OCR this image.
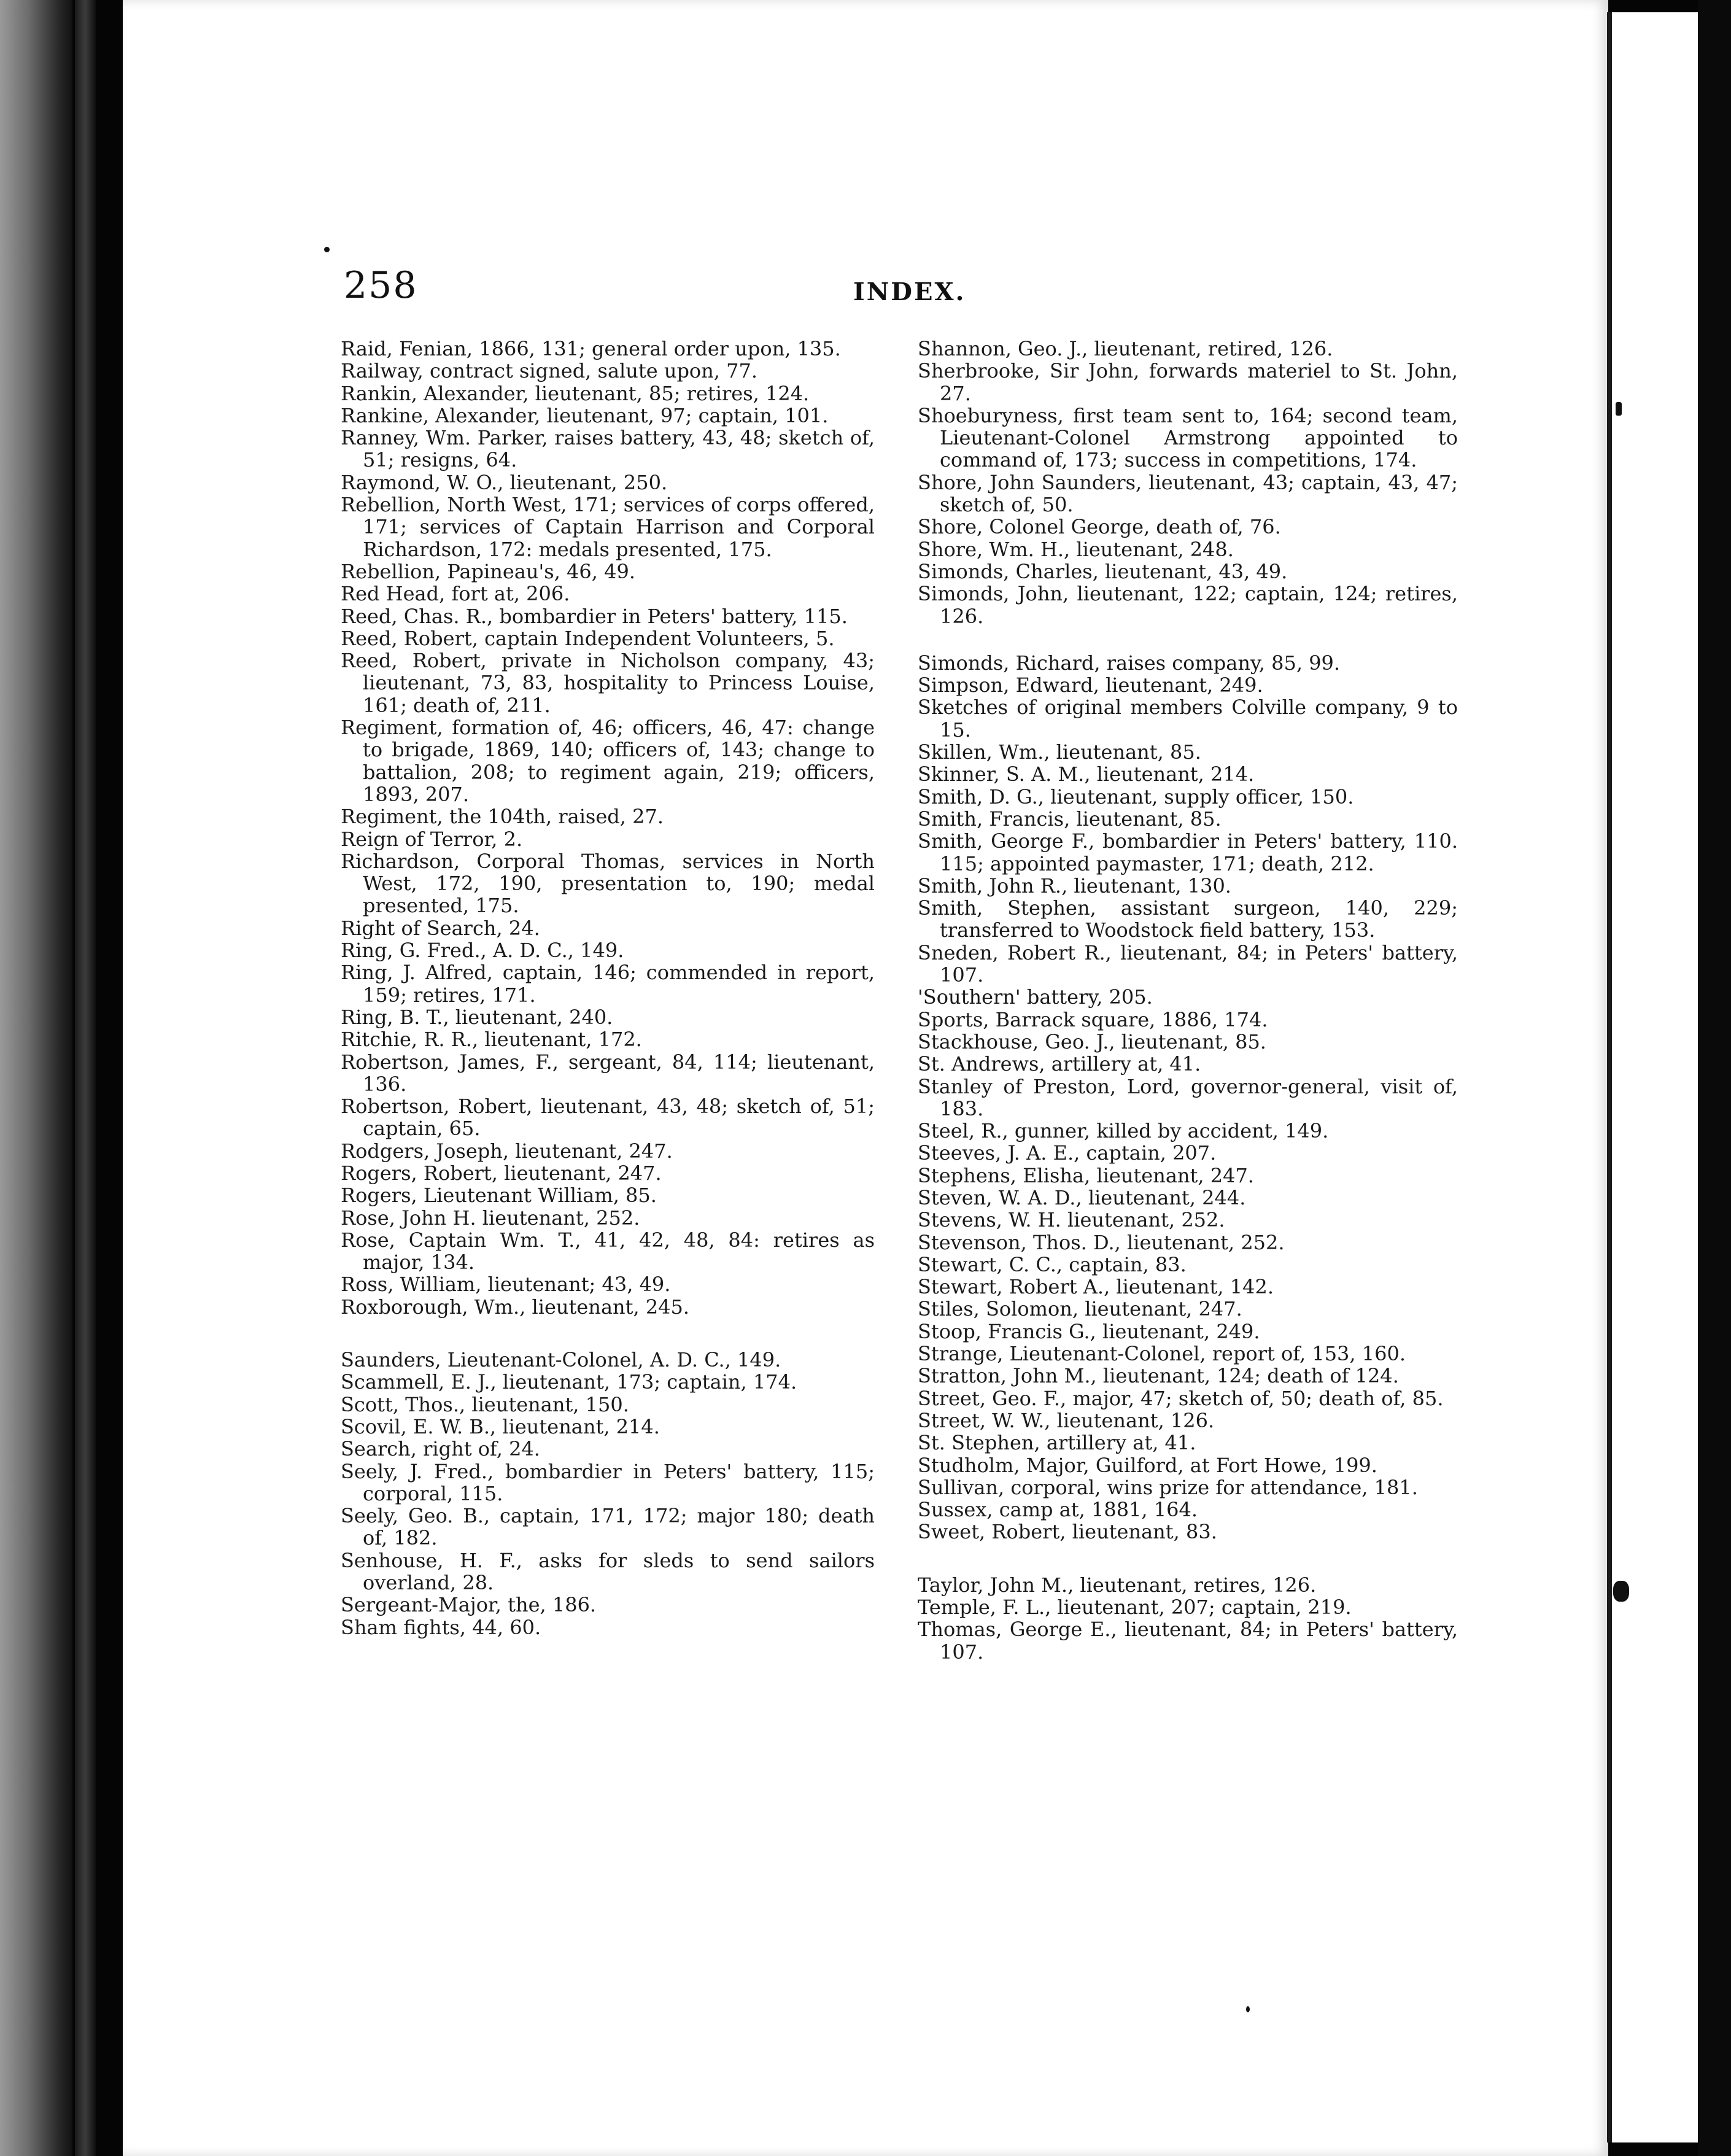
258	INDEX.

Raid, Fenian, 1866, 131; general order upon, 135.

Railway, contract signed, salute upon, 77.

Rankin, Alexander, lieutenant, 85; retires, 124.

Rankine, Alexander, lieutenant, 97; captain, 101.

Ranney, Wm. Parker, raises battery, 43, 48; sketch of, 51; resigns, 64.

Raymond, W. O., lieutenant, 250.

Rebellion, North West, 171; services of corps offered, 171; services of Captain Harrison and Corporal Richardson, 172: medals presented, 175.

Rebellion, Papineau's, 46, 49.

Red Head, fort at, 206.

Reed, Chas. R., bombardier in Peters' battery, 115.

Reed, Robert, captain Independent Volunteers, 5.

Reed, Robert, private in Nicholson company, 43; lieutenant, 73, 83, hospitality to Princess Louise, 161; death of, 211.

Regiment, formation of, 46; officers, 46, 47: change to brigade, 1869, 140; officers of, 143; change to battalion, 208; to regiment again, 219; officers, 1893, 207.

Regiment, the 104th, raised, 27.

Reign of Terror, 2.

Richardson, Corporal Thomas, services in North West, 172, 190, presentation to, 190; medal presented, 175.

Right of Search, 24.

Ring, G. Fred., A. D. C., 149.

Ring, J. Alfred, captain, 146; commended in report, 159; retires, 171.

Ring, B. T., lieutenant, 240.

Ritchie, R. R., lieutenant, 172.

Robertson, James, F., sergeant, 84, 114; lieutenant, 136.

Robertson, Robert, lieutenant, 43, 48; sketch of, 51; captain, 65.

Rodgers, Joseph, lieutenant, 247.

Rogers, Robert, lieutenant, 247.

Rogers, Lieutenant William, 85.

Rose, John H. lieutenant, 252.

Rose, Captain Wm. T., 41, 42, 48, 84: retires as major, 134.

Ross, William, lieutenant; 43, 49.

Roxborough, Wm., lieutenant, 245.

Saunders, Lieutenant-Colonel, A. D. C., 149.

Scammell, E. J., lieutenant, 173; captain, 174.

Scott, Thos., lieutenant, 150.

Scovil, E. W. B., lieutenant, 214.

Search, right of, 24.

Seely, J. Fred., bombardier in Peters' battery, 115; corporal, 115.

Seely, Geo. B., captain, 171, 172; major 180; death of, 182.

Senhouse, H. F., asks for sleds to send sailors overland, 28.

Sergeant-Major, the, 186.

Sham fights, 44, 60.

Shannon, Geo. J., lieutenant, retired, 126.

Sherbrooke, Sir John, forwards materiel to St. John, 27.

Shoeburyness, first team sent to, 164; second team, Lieutenant-Colonel Armstrong appointed to command of, 173; success in competitions, 174.

Shore, John Saunders, lieutenant, 43; captain, 43, 47; sketch of, 50.

Shore, Colonel George, death of, 76.

Shore, Wm. H., lieutenant, 248.

Simonds, Charles, lieutenant, 43, 49.

Simonds, John, lieutenant, 122; captain, 124; retires, 126.

Simonds, Richard, raises company, 85, 99.

Simpson, Edward, lieutenant, 249.

Sketches of original members Colville company, 9 to 15.

Skillen, Wm., lieutenant, 85.

Skinner, S. A. M., lieutenant, 214.

Smith, D. G., lieutenant, supply officer, 150.

Smith, Francis, lieutenant, 85.

Smith, George F., bombardier in Peters' battery, 110. 115; appointed paymaster, 171; death, 212.

Smith, John R., lieutenant, 130.

Smith, Stephen, assistant surgeon, 140, 229; transferred to Woodstock field battery, 153.

Sneden, Robert R., lieutenant, 84; in Peters' battery, 107.

'Southern' battery, 205.

Sports, Barrack square, 1886, 174.

Stackhouse, Geo. J., lieutenant, 85.

St. Andrews, artillery at, 41.

Stanley of Preston, Lord, governor-general, visit of, 183.

Steel, R., gunner, killed by accident, 149.

Steeves, J. A. E., captain, 207.

Stephens, Elisha, lieutenant, 247.

Steven, W. A. D., lieutenant, 244.

Stevens, W. H. lieutenant, 252.

Stevenson, Thos. D., lieutenant, 252.

Stewart, C. C., captain, 83.

Stewart, Robert A., lieutenant, 142.

Stiles, Solomon, lieutenant, 247.

Stoop, Francis G., lieutenant, 249.

Strange, Lieutenant-Colonel, report of, 153, 160.

Stratton, John M., lieutenant, 124; death of 124.

Street, Geo. F., major, 47; sketch of, 50; death of, 85.

Street, W. W., lieutenant, 126.

St. Stephen, artillery at, 41.

Studholm, Major, Guilford, at Fort Howe, 199.

Sullivan, corporal, wins prize for attendance, 181.

Sussex, camp at, 1881, 164.

Sweet, Robert, lieutenant, 83.

Taylor, John M., lieutenant, retires, 126.

Temple, F. L., lieutenant, 207; captain, 219.

Thomas, George E., lieutenant, 84; in Peters' battery, 107.
